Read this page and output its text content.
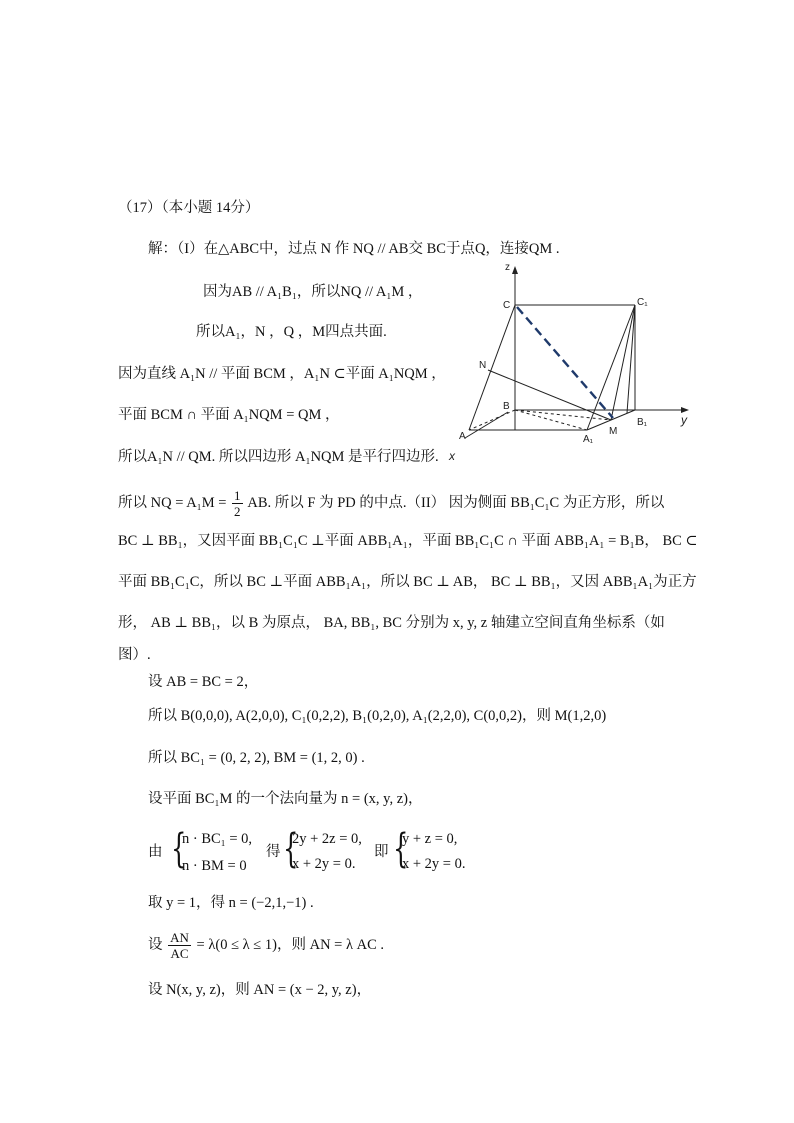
（17）（本小题 14分）
解：（I）在△ABC中，过点 N 作 NQ // AB交 BC于点Q，连接QM .
因为AB // A₁B₁，所以NQ // A₁M ，
所以A₁，N ，Q ，M四点共面.
因为直线 A₁N // 平面 BCM ，A₁N ⊂平面 A₁NQM ，
平面 BCM ∩ 平面 A₁NQM = QM ，
所以A₁N // QM. 所以四边形 A₁NQM 是平行四边形.
所以 NQ = $A_1M = \frac{1}{2}$ AB. 所以 F 为 PD 的中点.（II） 因为侧面 BB₁C₁C 为正方形，所以
BC ⊥ BB₁，又因平面 BB₁C₁C ⊥平面 ABB₁A₁，平面 BB₁C₁C ∩ 平面 ABB₁A₁ = B₁B， BC ⊂
平面 BB₁C₁C，所以 BC ⊥平面 ABB₁A₁，所以 BC ⊥ AB， BC ⊥ BB₁，又因 ABB₁A₁为正方
形， AB ⊥ BB₁，以 B 为原点， BA, BB₁, BC 分别为 x, y, z 轴建立空间直角坐标系（如
图）.
设 AB = BC = 2，
所以 B(0,0,0), A(2,0,0), C₁(0,2,2), B₁(0,2,0), A₁(2,2,0), C(0,0,2)，则 M(1,2,0)
所以 BC₁ = (0, 2, 2), BM = (1, 2, 0) .
设平面 BC₁M 的一个法向量为 n = (x, y, z)，
由 {
n · BC₁ = 0,
n · BM = 0
得 {
2y + 2z = 0,
x + 2y = 0.
即 {
y + z = 0,
x + 2y = 0.
取 y = 1，得 n = (−2,1,−1) .
设 $\frac{AN}{AC} = \lambda(0 \le \lambda \le 1)$，则 AN = λ AC .
设 N(x, y, z)，则 AN = (x − 2, y, z)，
z
C	C₁
N
B
A	A₁
M
B₁	y
x
